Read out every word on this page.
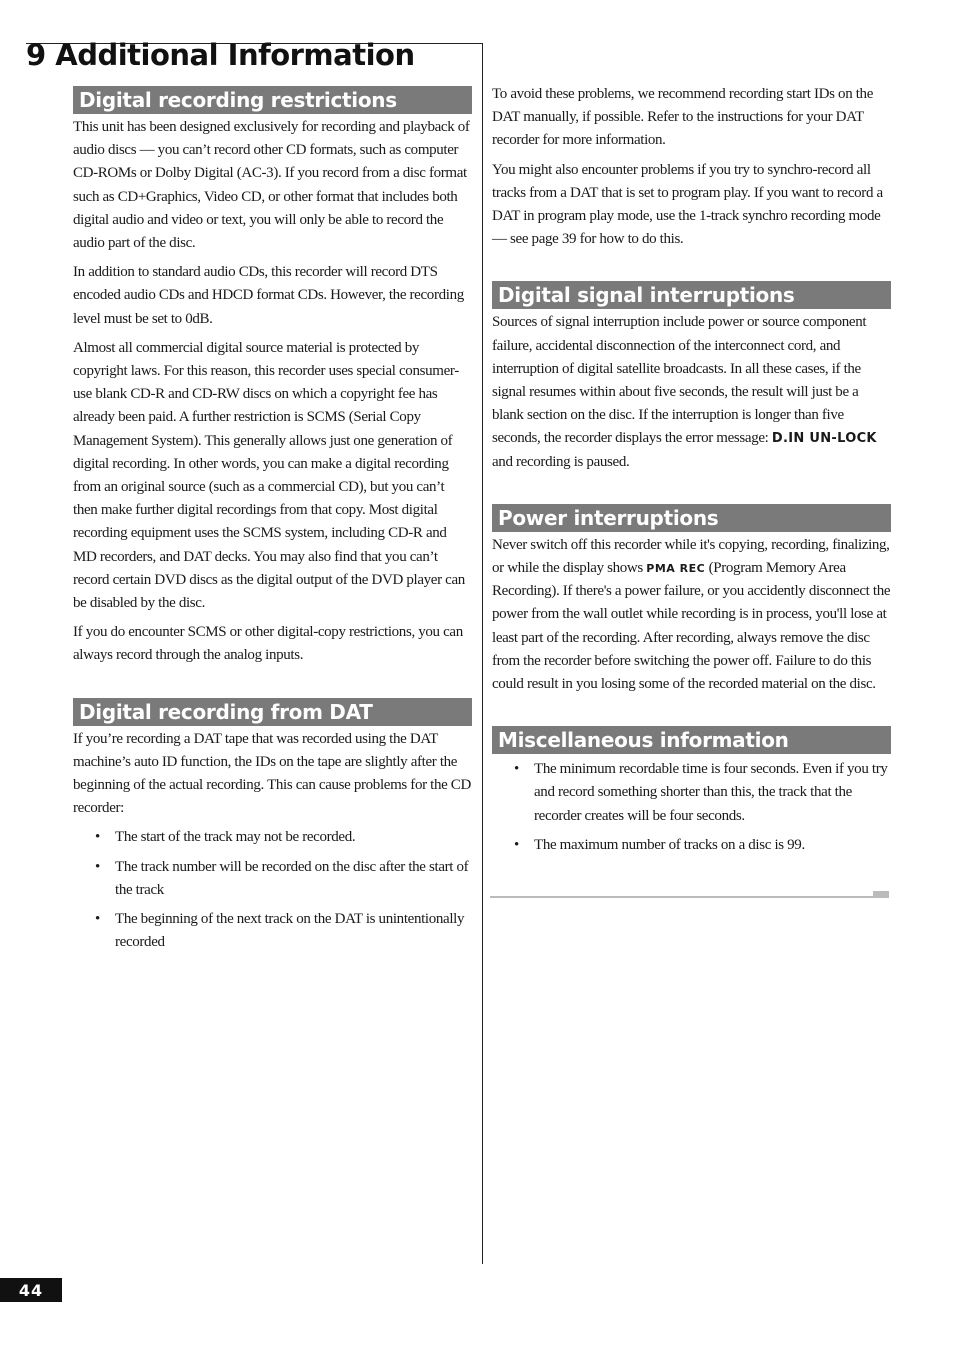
9 Additional Information
Digital recording restrictions

This unit has been designed exclusively for recording and playback of audio discs — you can’t record other CD formats, such as computer CD-ROMs or Dolby Digital (AC-3). If you record from a disc format such as CD+Graphics, Video CD, or other format that includes both digital audio and video or text, you will only be able to record the audio part of the disc.

In addition to standard audio CDs, this recorder will record DTS encoded audio CDs and HDCD format CDs. However, the recording level must be set to 0dB.

Almost all commercial digital source material is protected by copyright laws. For this reason, this recorder uses special consumer-use blank CD-R and CD-RW discs on which a copyright fee has already been paid. A further restriction is SCMS (Serial Copy Management System). This generally allows just one generation of digital recording. In other words, you can make a digital recording from an original source (such as a commercial CD), but you can’t then make further digital recordings from that copy. Most digital recording equipment uses the SCMS system, including CD-R and MD recorders, and DAT decks. You may also find that you can’t record certain DVD discs as the digital output of the DVD player can be disabled by the disc.

If you do encounter SCMS or other digital-copy restrictions, you can always record through the analog inputs.

Digital recording from DAT

If you’re recording a DAT tape that was recorded using the DAT machine’s auto ID function, the IDs on the tape are slightly after the beginning of the actual recording. This can cause problems for the CD recorder:

• The start of the track may not be recorded.
• The track number will be recorded on the disc after the start of the track
• The beginning of the next track on the DAT is unintentionally recorded

To avoid these problems, we recommend recording start IDs on the DAT manually, if possible. Refer to the instructions for your DAT recorder for more information.

You might also encounter problems if you try to synchro-record all tracks from a DAT that is set to program play. If you want to record a DAT in program play mode, use the 1-track synchro recording mode — see page 39 for how to do this.

Digital signal interruptions

Sources of signal interruption include power or source component failure, accidental disconnection of the interconnect cord, and interruption of digital satellite broadcasts. In all these cases, if the signal resumes within about five seconds, the result will just be a blank section on the disc. If the interruption is longer than five seconds, the recorder displays the error message: D.IN UN-LOCK and recording is paused.

Power interruptions

Never switch off this recorder while it's copying, recording, finalizing, or while the display shows PMA REC (Program Memory Area Recording). If there's a power failure, or you accidently disconnect the power from the wall outlet while recording is in process, you'll lose at least part of the recording. After recording, always remove the disc from the recorder before switching the power off. Failure to do this could result in you losing some of the recorded material on the disc.

Miscellaneous information
• The minimum recordable time is four seconds. Even if you try and record something shorter than this, the track that the recorder creates will be four seconds.
• The maximum number of tracks on a disc is 99.
44
